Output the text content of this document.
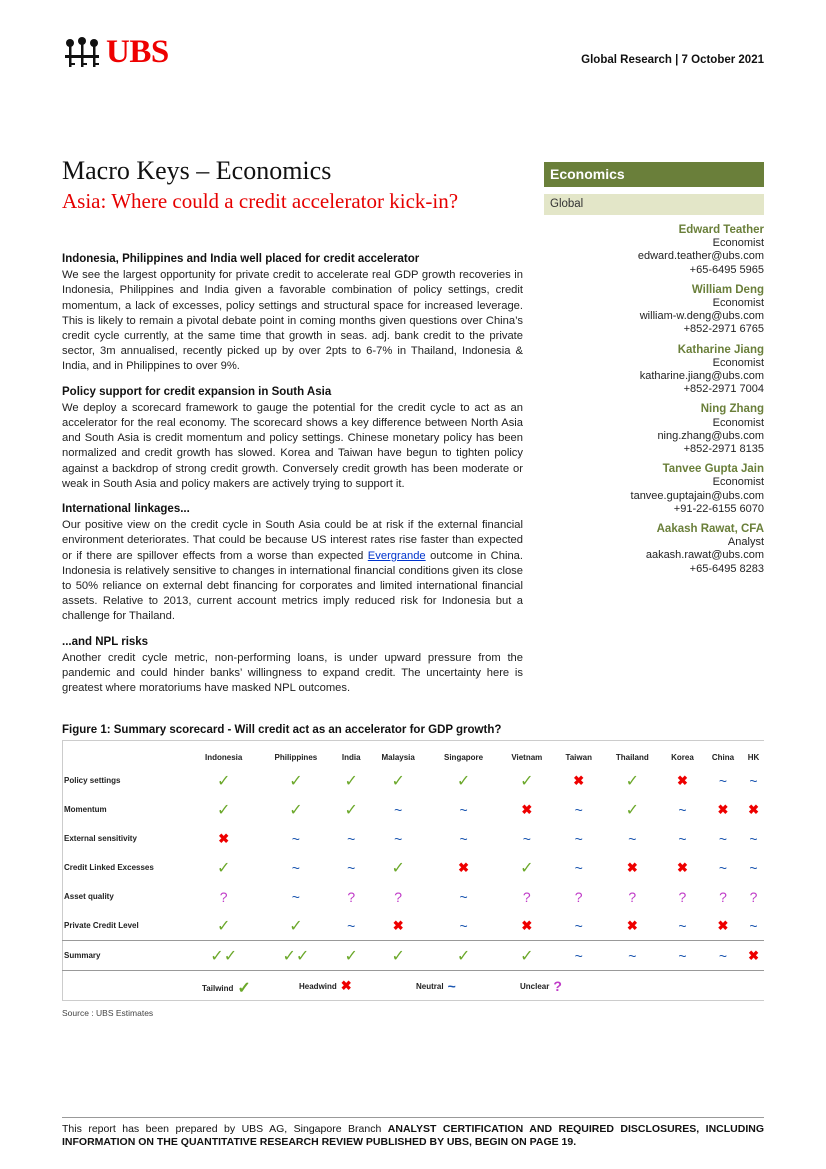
UBS	Global Research | 7 October 2021
Macro Keys – Economics
Asia: Where could a credit accelerator kick-in?
Economics
Global
Edward Teather
Economist
edward.teather@ubs.com
+65-6495 5965
William Deng
Economist
william-w.deng@ubs.com
+852-2971 6765
Katharine Jiang
Economist
katharine.jiang@ubs.com
+852-2971 7004
Ning Zhang
Economist
ning.zhang@ubs.com
+852-2971 8135
Tanvee Gupta Jain
Economist
tanvee.guptajain@ubs.com
+91-22-6155 6070
Aakash Rawat, CFA
Analyst
aakash.rawat@ubs.com
+65-6495 8283
Indonesia, Philippines and India well placed for credit accelerator

We see the largest opportunity for private credit to accelerate real GDP growth recoveries in Indonesia, Philippines and India given a favorable combination of policy settings, credit momentum, a lack of excesses, policy settings and structural space for increased leverage. This is likely to remain a pivotal debate point in coming months given questions over China’s credit cycle currently, at the same time that growth in seas. adj. bank credit to the private sector, 3m annualised, recently picked up by over 2pts to 6-7% in Thailand, Indonesia & India, and in Philippines to over 9%.

Policy support for credit expansion in South Asia

We deploy a scorecard framework to gauge the potential for the credit cycle to act as an accelerator for the real economy. The scorecard shows a key difference between North Asia and South Asia is credit momentum and policy settings. Chinese monetary policy has been normalized and credit growth has slowed. Korea and Taiwan have begun to tighten policy against a backdrop of strong credit growth. Conversely credit growth has been moderate or weak in South Asia and policy makers are actively trying to support it.

International linkages...

Our positive view on the credit cycle in South Asia could be at risk if the external financial environment deteriorates. That could be because US interest rates rise faster than expected or if there are spillover effects from a worse than expected Evergrande outcome in China. Indonesia is relatively sensitive to changes in international financial conditions given its close to 50% reliance on external debt financing for corporates and limited international financial assets. Relative to 2013, current account metrics imply reduced risk for Indonesia but a challenge for Thailand.

...and NPL risks

Another credit cycle metric, non-performing loans, is under upward pressure from the pandemic and could hinder banks’ willingness to expand credit. The uncertainty here is greatest where moratoriums have masked NPL outcomes.

Figure 1: Summary scorecard - Will credit act as an accelerator for GDP growth?
	Indonesia	Philippines	India	Malaysia	Singapore	Vietnam	Taiwan	Thailand	Korea	China	HK
Policy settings	✓	✓	✓	✓	✓	✓	✖	✓	✖	~	~
Momentum	✓	✓	✓	~	~	✖	~	✓	~	✖	✖
External sensitivity	✖	~	~	~	~	~	~	~	~	~	~
Credit Linked Excesses	✓	~	~	✓	✖	✓	~	✖	✖	~	~
Asset quality	?	~	?	?	~	?	?	?	?	?	?
Private Credit Level	✓	✓	~	✖	~	✖	~	✖	~	✖	~
Summary	✓✓	✓✓	✓	✓	✓	✓	~	~	~	~	✖
Tailwind ✓	Headwind ✖	Neutral ~	Unclear ?
Source : UBS Estimates
This report has been prepared by UBS AG, Singapore Branch ANALYST CERTIFICATION AND REQUIRED DISCLOSURES, INCLUDING INFORMATION ON THE QUANTITATIVE RESEARCH REVIEW PUBLISHED BY UBS, BEGIN ON PAGE 19.
